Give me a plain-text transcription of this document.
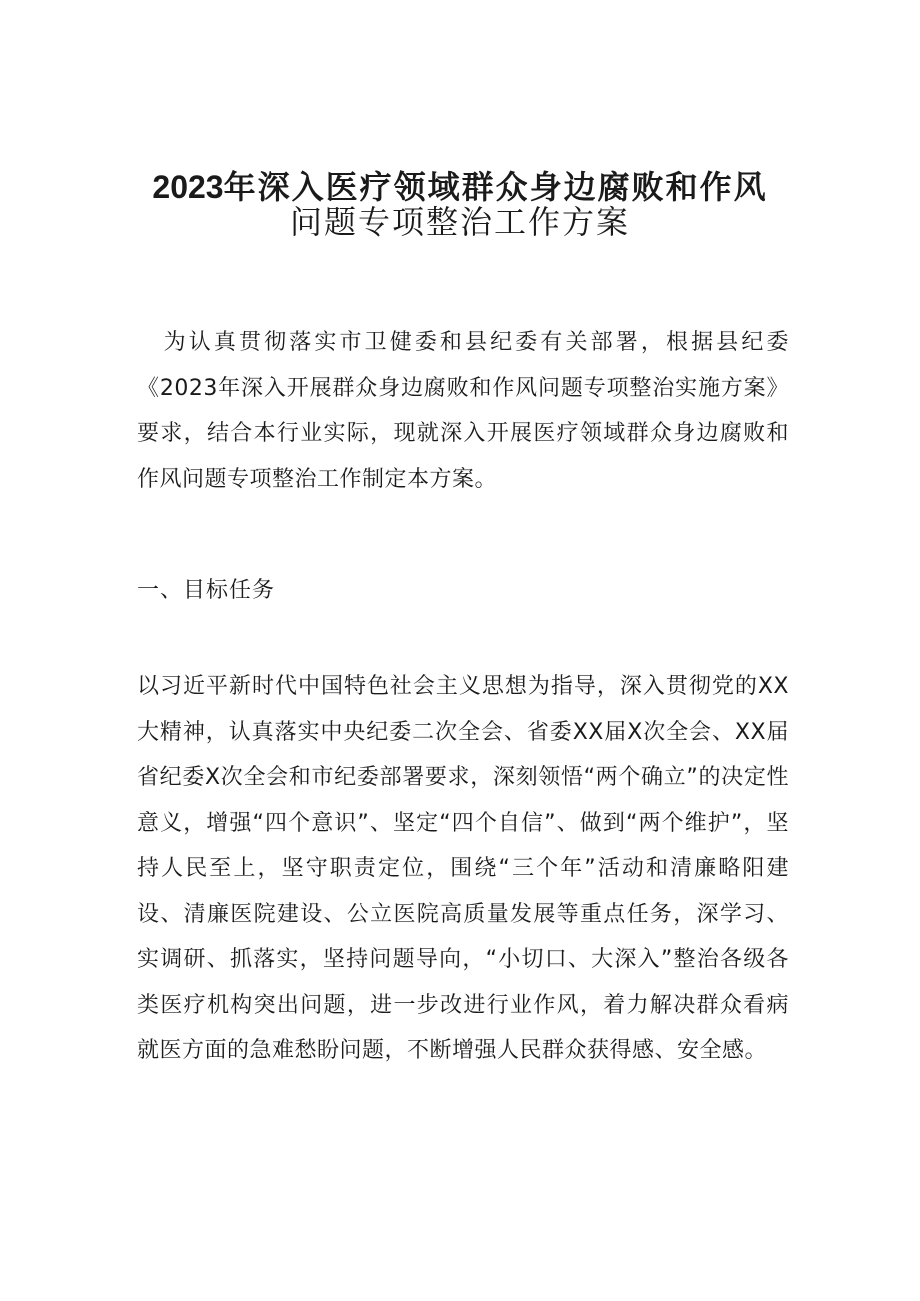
2023年深入医疗领域群众身边腐败和作风
问题专项整治工作方案

为认真贯彻落实市卫健委和县纪委有关部署，根据县纪委《2023年深入开展群众身边腐败和作风问题专项整治实施方案》要求，结合本行业实际，现就深入开展医疗领域群众身边腐败和作风问题专项整治工作制定本方案。

一、目标任务

以习近平新时代中国特色社会主义思想为指导，深入贯彻党的XX大精神，认真落实中央纪委二次全会、省委XX届X次全会、XX届省纪委X次全会和市纪委部署要求，深刻领悟“两个确立”的决定性意义，增强“四个意识”、坚定“四个自信”、做到“两个维护”，坚持人民至上，坚守职责定位，围绕“三个年”活动和清廉略阳建设、清廉医院建设、公立医院高质量发展等重点任务，深学习、实调研、抓落实，坚持问题导向，“小切口、大深入”整治各级各类医疗机构突出问题，进一步改进行业作风，着力解决群众看病就医方面的急难愁盼问题，不断增强人民群众获得感、安全感。
